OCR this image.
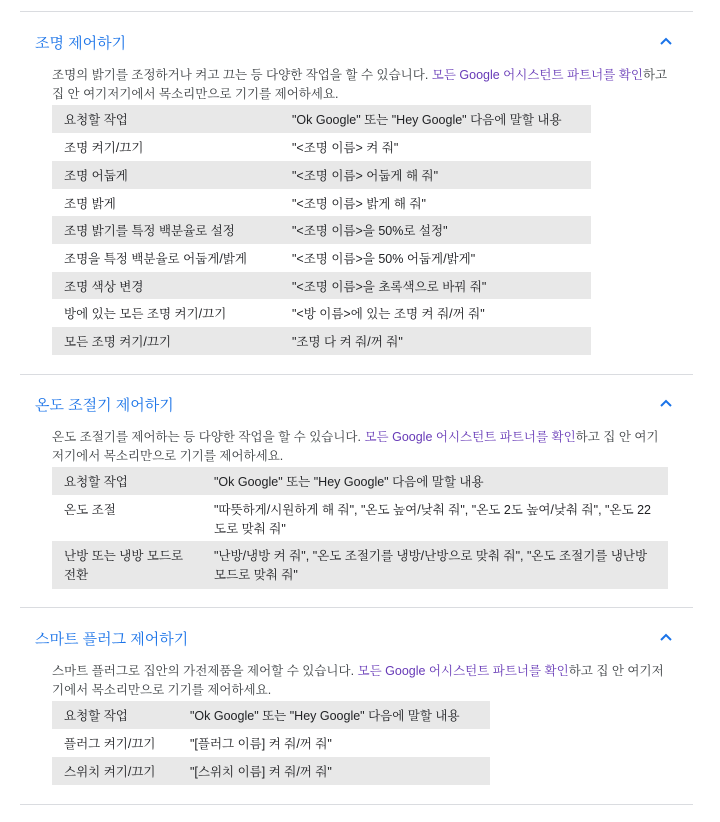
조명 제어하기
조명의 밝기를 조정하거나 켜고 끄는 등 다양한 작업을 할 수 있습니다. 모든 Google 어시스턴트 파트너를 확인하고 집 안 여기저기에서 목소리만으로 기기를 제어하세요.
요청할 작업	"Ok Google" 또는 "Hey Google" 다음에 말할 내용

조명 켜기/끄기	"<조명 이름> 켜 줘"

조명 어둡게	"<조명 이름> 어둡게 해 줘"

조명 밝게	"<조명 이름> 밝게 해 줘"

조명 밝기를 특정 백분율로 설정	"<조명 이름>을 50%로 설정"

조명을 특정 백분율로 어둡게/밝게	"<조명 이름>을 50% 어둡게/밝게"

조명 색상 변경	"<조명 이름>을 초록색으로 바꿔 줘"

방에 있는 모든 조명 켜기/끄기	"<방 이름>에 있는 조명 켜 줘/꺼 줘"

모든 조명 켜기/끄기	"조명 다 켜 줘/꺼 줘"
온도 조절기 제어하기
온도 조절기를 제어하는 등 다양한 작업을 할 수 있습니다. 모든 Google 어시스턴트 파트너를 확인하고 집 안 여기저기에서 목소리만으로 기기를 제어하세요.
요청할 작업	"Ok Google" 또는 "Hey Google" 다음에 말할 내용

온도 조절	"따뜻하게/시원하게 해 줘", "온도 높여/낮춰 줘", "온도 2도 높여/낮춰 줘", "온도 22도로 맞춰 줘"

난방 또는 냉방 모드로 전환	"난방/냉방 켜 줘", "온도 조절기를 냉방/난방으로 맞춰 줘", "온도 조절기를 냉난방 모드로 맞춰 줘"
스마트 플러그 제어하기
스마트 플러그로 집안의 가전제품을 제어할 수 있습니다. 모든 Google 어시스턴트 파트너를 확인하고 집 안 여기저기에서 목소리만으로 기기를 제어하세요.
요청할 작업	"Ok Google" 또는 "Hey Google" 다음에 말할 내용

플러그 켜기/끄기	"[플러그 이름] 켜 줘/꺼 줘"

스위치 켜기/끄기	"[스위치 이름] 켜 줘/꺼 줘"
